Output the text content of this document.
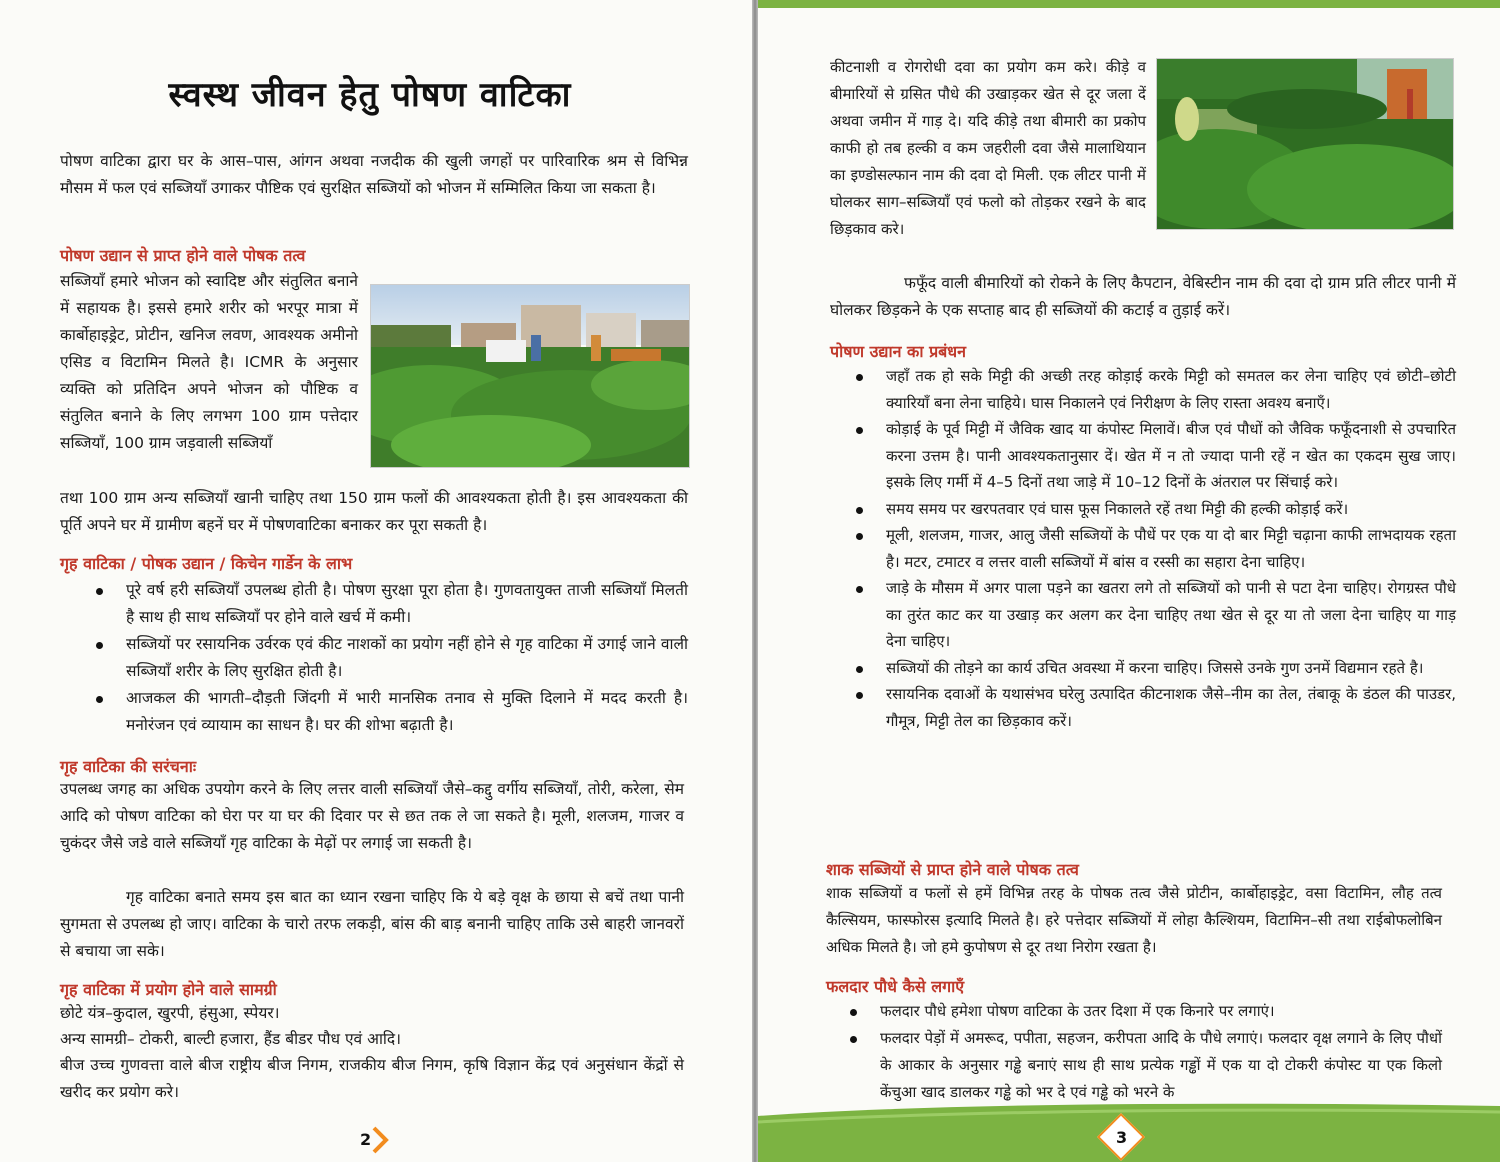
स्वस्थ जीवन हेतु पोषण वाटिका
पोषण वाटिका द्वारा घर के आस–पास, आंगन अथवा नजदीक की खुली जगहों पर पारिवारिक श्रम से विभिन्न मौसम में फल एवं सब्जियाँ उगाकर पौष्टिक एवं सुरक्षित सब्जियों को भोजन में सम्मिलित किया जा सकता है।
पोषण उद्यान से प्राप्त होने वाले पोषक तत्व
सब्जियाँ हमारे भोजन को स्वादिष्ट और संतुलित बनाने में सहायक है। इससे हमारे शरीर को भरपूर मात्रा में कार्बोहाइड्रेट, प्रोटीन, खनिज लवण, आवश्यक अमीनो एसिड व विटामिन मिलते है। ICMR के अनुसार व्यक्ति को प्रतिदिन अपने भोजन को पौष्टिक व संतुलित बनाने के लिए लगभग 100 ग्राम पत्तेदार सब्जियाँ, 100 ग्राम जड़वाली सब्जियाँ
तथा 100 ग्राम अन्य सब्जियाँ खानी चाहिए तथा 150 ग्राम फलों की आवश्यकता होती है। इस आवश्यकता की पूर्ति अपने घर में ग्रामीण बहनें घर में पोषणवाटिका बनाकर कर पूरा सकती है।
गृह वाटिका / पोषक उद्यान / किचेन गार्डेन के लाभ
पूरे वर्ष हरी सब्जियाँ उपलब्ध होती है। पोषण सुरक्षा पूरा होता है। गुणवतायुक्त ताजी सब्जियाँ मिलती है साथ ही साथ सब्जियाँ पर होने वाले खर्च में कमी।
सब्जियों पर रसायनिक उर्वरक एवं कीट नाशकों का प्रयोग नहीं होने से गृह वाटिका में उगाई जाने वाली सब्जियाँ शरीर के लिए सुरक्षित होती है।
आजकल की भागती–दौड़ती जिंदगी में भारी मानसिक तनाव से मुक्ति दिलाने में मदद करती है। मनोरंजन एवं व्यायाम का साधन है। घर की शोभा बढ़ाती है।
गृह वाटिका की सरंचनाः
उपलब्ध जगह का अधिक उपयोग करने के लिए लत्तर वाली सब्जियाँ जैसे–कद्दु वर्गीय सब्जियाँ, तोरी, करेला, सेम आदि को पोषण वाटिका को घेरा पर या घर की दिवार पर से छत तक ले जा सकते है। मूली, शलजम, गाजर व चुकंदर जैसे जडे वाले सब्जियाँ गृह वाटिका के मेढ़ों पर लगाई जा सकती है।
गृह वाटिका बनाते समय इस बात का ध्यान रखना चाहिए कि ये बड़े वृक्ष के छाया से बचें तथा पानी सुगमता से उपलब्ध हो जाए। वाटिका के चारो तरफ लकड़ी, बांस की बाड़ बनानी चाहिए ताकि उसे बाहरी जानवरों से बचाया जा सके।
गृह वाटिका में प्रयोग होने वाले सामग्री
छोटे यंत्र–कुदाल, खुरपी, हंसुआ, स्पेयर।
अन्य सामग्री– टोकरी, बाल्टी हजारा, हैंड बीडर पौध एवं आदि।
बीज उच्च गुणवत्ता वाले बीज राष्ट्रीय बीज निगम, राजकीय बीज निगम, कृषि विज्ञान केंद्र एवं अनुसंधान केंद्रों से खरीद कर प्रयोग करे।
2
कीटनाशी व रोगरोधी दवा का प्रयोग कम करे। कीड़े व बीमारियों से ग्रसित पौधे की उखाड़कर खेत से दूर जला दें अथवा जमीन में गाड़ दे। यदि कीड़े तथा बीमारी का प्रकोप काफी हो तब हल्की व कम जहरीली दवा जैसे मालाथियान का इण्डोसल्फान नाम की दवा दो मिली. एक लीटर पानी में घोलकर साग–सब्जियाँ एवं फलो को तोड़कर रखने के बाद छिड़काव करे।
फफूँद वाली बीमारियों को रोकने के लिए कैपटान, वेबिस्टीन नाम की दवा दो ग्राम प्रति लीटर पानी में घोलकर छिड़कने के एक सप्ताह बाद ही सब्जियों की कटाई व तुड़ाई करें।
पोषण उद्यान का प्रबंधन
जहाँ तक हो सके मिट्टी की अच्छी तरह कोड़ाई करके मिट्टी को समतल कर लेना चाहिए एवं छोटी–छोटी क्यारियाँ बना लेना चाहिये। घास निकालने एवं निरीक्षण के लिए रास्ता अवश्य बनाएँ।
कोड़ाई के पूर्व मिट्टी में जैविक खाद या कंपोस्ट मिलावें। बीज एवं पौधों को जैविक फफूँदनाशी से उपचारित करना उत्तम है। पानी आवश्यकतानुसार दें। खेत में न तो ज्यादा पानी रहें न खेत का एकदम सुख जाए। इसके लिए गर्मी में 4–5 दिनों तथा जाड़े में 10–12 दिनों के अंतराल पर सिंचाई करे।
समय समय पर खरपतवार एवं घास फूस निकालते रहें तथा मिट्टी की हल्की कोड़ाई करें।
मूली, शलजम, गाजर, आलु जैसी सब्जियों के पौधें पर एक या दो बार मिट्टी चढ़ाना काफी लाभदायक रहता है। मटर, टमाटर व लत्तर वाली सब्जियों में बांस व रस्सी का सहारा देना चाहिए।
जाड़े के मौसम में अगर पाला पड़ने का खतरा लगे तो सब्जियों को पानी से पटा देना चाहिए। रोगग्रस्त पौधे का तुरंत काट कर या उखाड़ कर अलग कर देना चाहिए तथा खेत से दूर या तो जला देना चाहिए या गाड़ देना चाहिए।
सब्जियों की तोड़ने का कार्य उचित अवस्था में करना चाहिए। जिससे उनके गुण उनमें विद्यमान रहते है।
रसायनिक दवाओं के यथासंभव घरेलु उत्पादित कीटनाशक जैसे–नीम का तेल, तंबाकू के डंठल की पाउडर, गौमूत्र, मिट्टी तेल का छिड़काव करें।
शाक सब्जियों से प्राप्त होने वाले पोषक तत्व
शाक सब्जियों व फलों से हमें विभिन्न तरह के पोषक तत्व जैसे प्रोटीन, कार्बोहाइड्रेट, वसा विटामिन, लौह तत्व कैल्सियम, फास्फोरस इत्यादि मिलते है। हरे पत्तेदार सब्जियों में लोहा कैल्शियम, विटामिन–सी तथा राईबोफलोबिन अधिक मिलते है। जो हमे कुपोषण से दूर तथा निरोग रखता है।
फलदार पौधे कैसे लगाएँ
फलदार पौधे हमेशा पोषण वाटिका के उतर दिशा में एक किनारे पर लगाएं।
फलदार पेड़ों में अमरूद, पपीता, सहजन, करीपता आदि के पौधे लगाएं। फलदार वृक्ष लगाने के लिए पौधों के आकार के अनुसार गड्ढे बनाएं साथ ही साथ प्रत्येक गड्ढों में एक या दो टोकरी कंपोस्ट या एक किलो केंचुआ खाद डालकर गड्ढे को भर दे एवं गड्ढे को भरने के
3
